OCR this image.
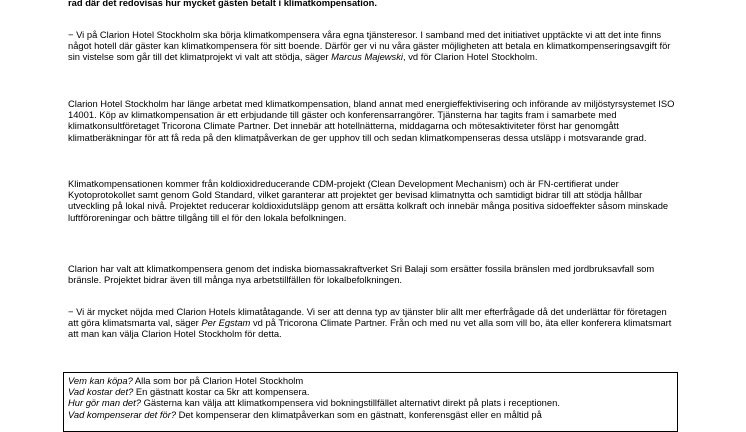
rad där det redovisas hur mycket gästen betalt i klimatkompensation.

− Vi på Clarion Hotel Stockholm ska börja klimatkompensera våra egna tjänsteresor. I samband med det initiativet upptäckte vi att det inte finns något hotell där gäster kan klimatkompensera för sitt boende. Därför ger vi nu våra gäster möjligheten att betala en klimatkompenseringsavgift för sin vistelse som går till det klimatprojekt vi valt att stödja, säger Marcus Majewski, vd för Clarion Hotel Stockholm.

Clarion Hotel Stockholm har länge arbetat med klimatkompensation, bland annat med energieffektivisering och införande av miljöstyrsystemet ISO 14001. Köp av klimatkompensation är ett erbjudande till gäster och konferensarrangörer. Tjänsterna har tagits fram i samarbete med klimatkonsultföretaget Tricorona Climate Partner. Det innebär att hotellnätterna, middagarna och mötesaktiviteter först har genomgått klimatberäkningar för att få reda på den klimatpåverkan de ger upphov till och sedan klimatkompenseras dessa utsläpp i motsvarande grad.

Klimatkompensationen kommer från koldioxidreducerande CDM-projekt (Clean Development Mechanism) och är FN-certifierat under Kyotoprotokollet samt genom Gold Standard, vilket garanterar att projektet ger bevisad klimatnytta och samtidigt bidrar till att stödja hållbar utveckling på lokal nivå. Projektet reducerar koldioxidutsläpp genom att ersätta kolkraft och innebär många positiva sidoeffekter såsom minskade luftföroreningar och bättre tillgång till el för den lokala befolkningen.

Clarion har valt att klimatkompensera genom det indiska biomassakraftverket Sri Balaji som ersätter fossila bränslen med jordbruksavfall som bränsle. Projektet bidrar även till många nya arbetstillfällen för lokalbefolkningen.

− Vi är mycket nöjda med Clarion Hotels klimatåtagande. Vi ser att denna typ av tjänster blir allt mer efterfrågade då det underlättar för företagen att göra klimatsmarta val, säger Per Egstam vd på Tricorona Climate Partner. Från och med nu vet alla som vill bo, äta eller konferera klimatsmart att man kan välja Clarion Hotel Stockholm för detta.

Vem kan köpa? Alla som bor på Clarion Hotel Stockholm
Vad kostar det? En gästnatt kostar ca 5kr att kompensera.
Hur gör man det? Gästerna kan välja att klimatkompensera vid bokningstillfället alternativt direkt på plats i receptionen.
Vad kompenserar det för? Det kompenserar den klimatpåverkan som en gästnatt, konferensgäst eller en måltid på
